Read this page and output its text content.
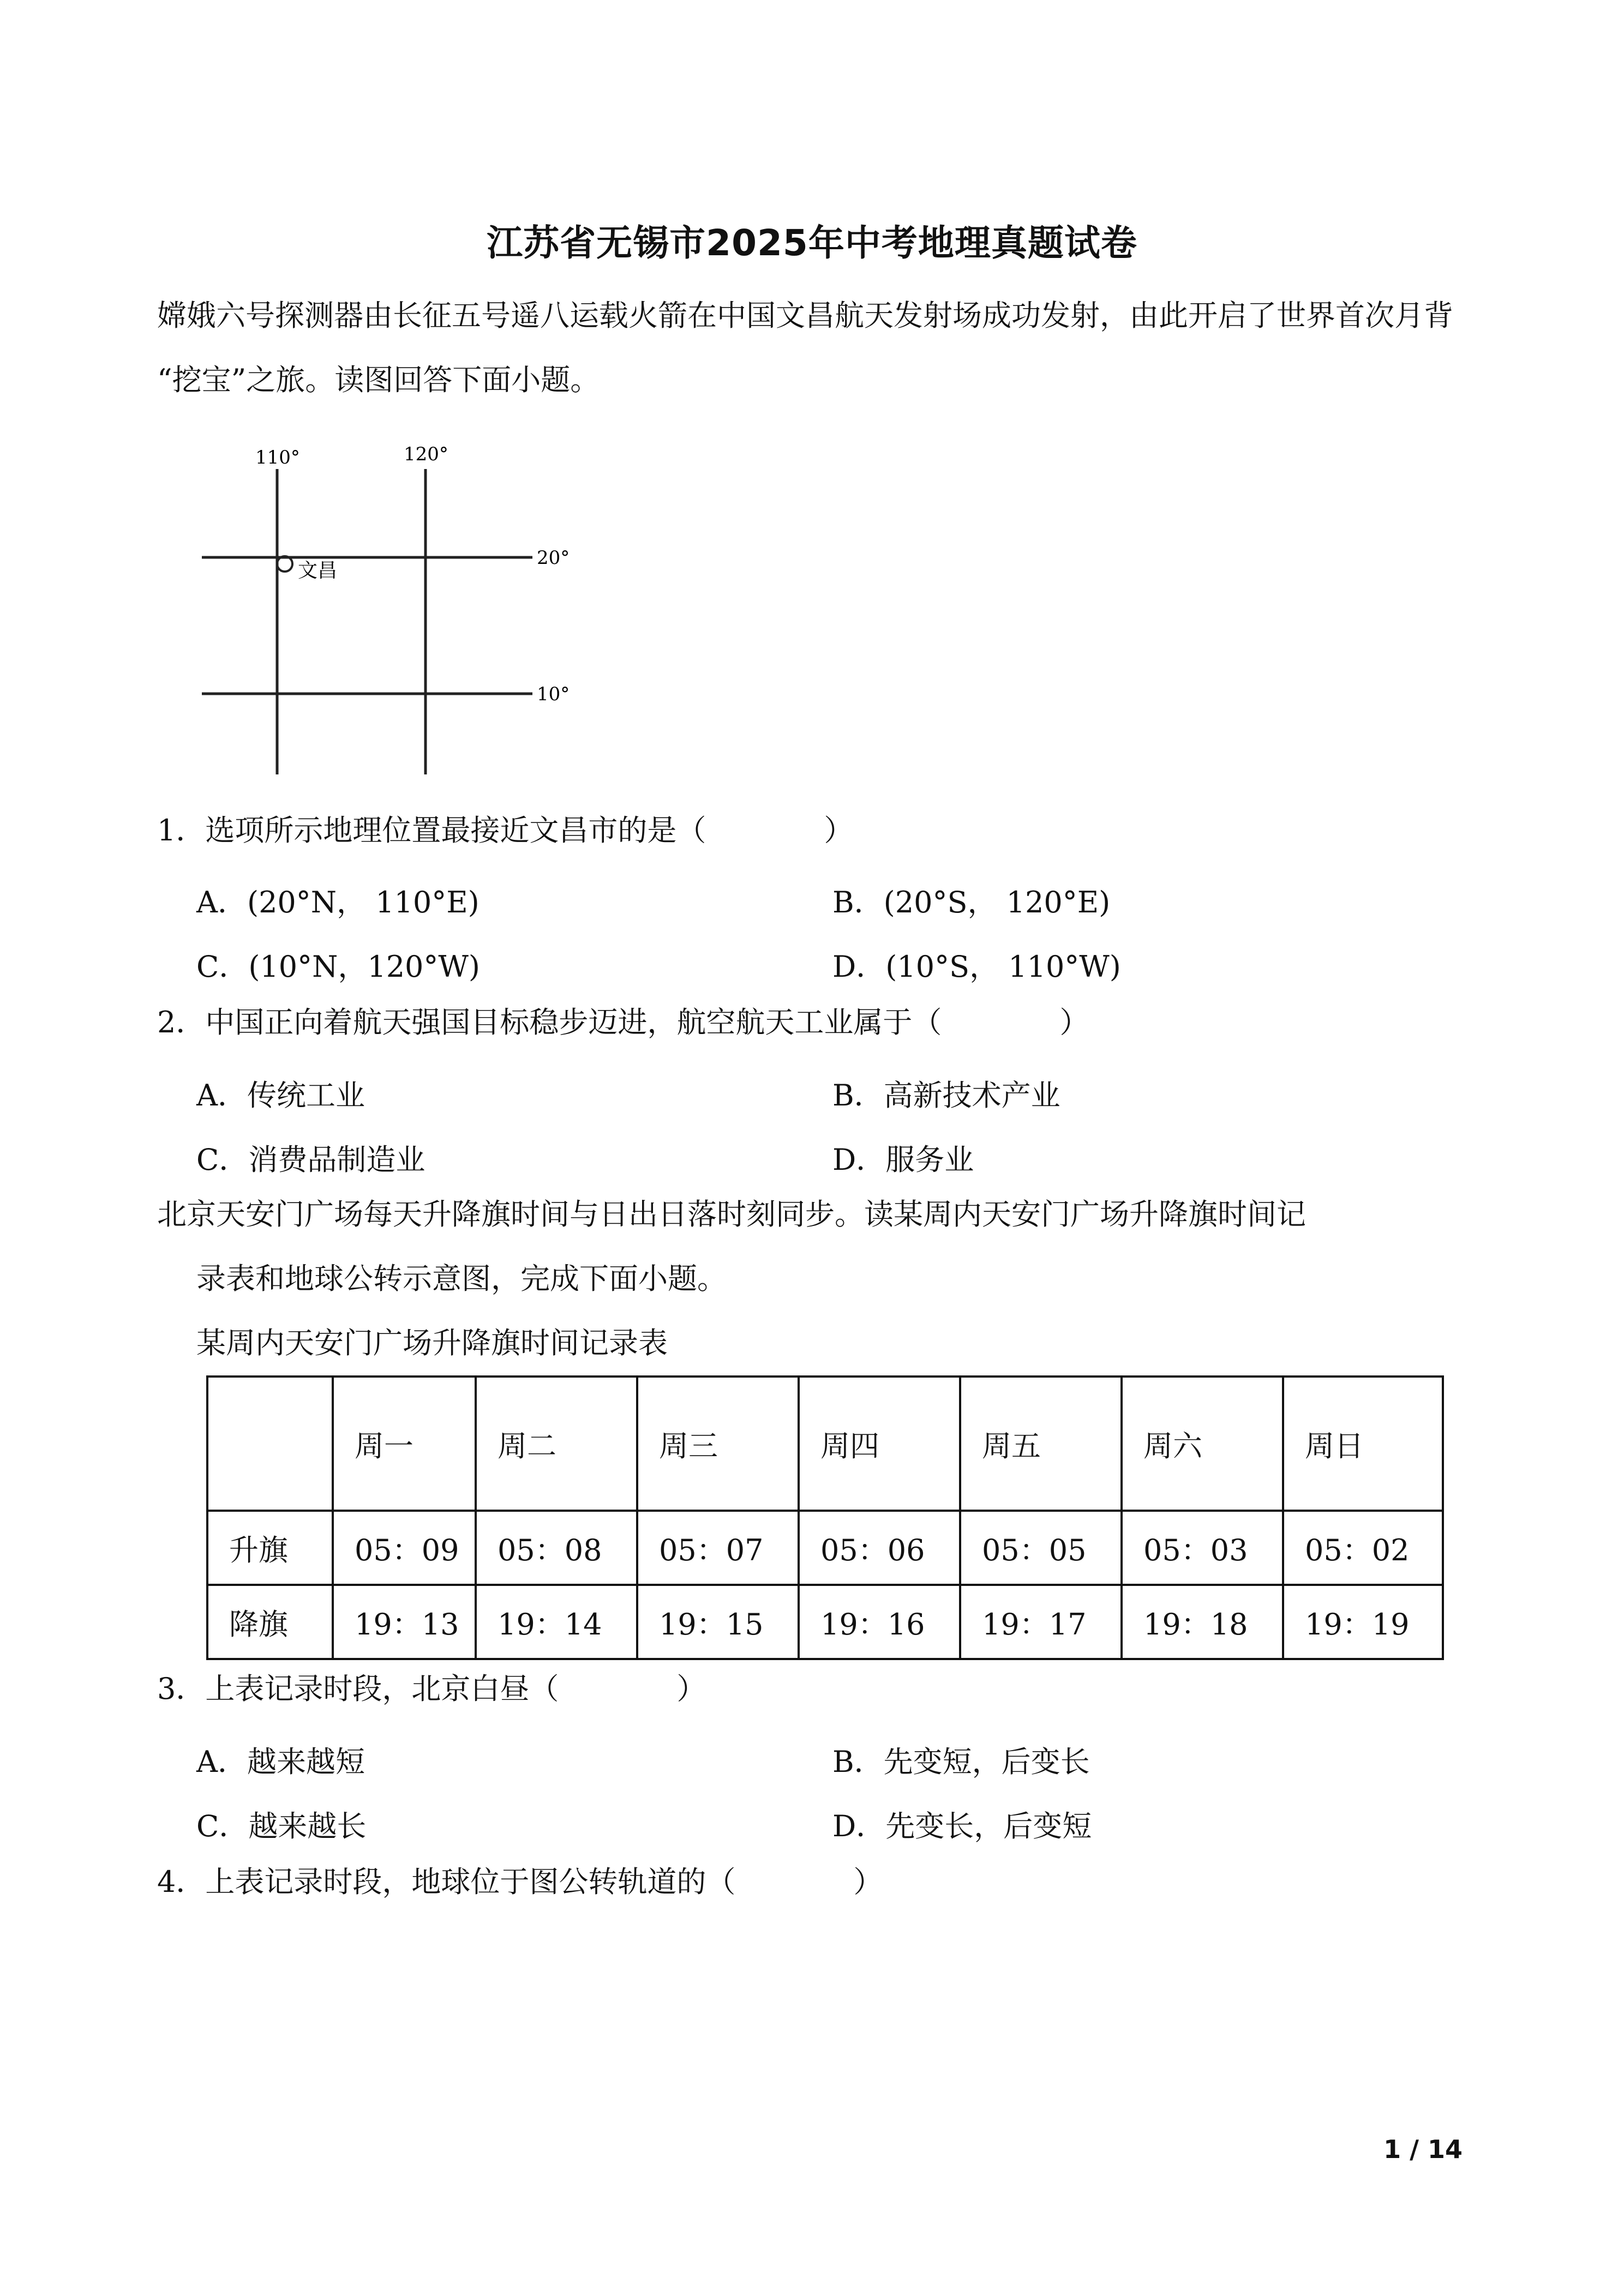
江苏省无锡市2025年中考地理真题试卷
嫦娥六号探测器由长征五号遥八运载火箭在中国文昌航天发射场成功发射，由此开启了世界首次月背
“挖宝”之旅。读图回答下面小题。
110°	120°
20°
10°
文昌
1．选项所示地理位置最接近文昌市的是（　　　　）
A．(20°N， 110°E)	B．(20°S， 120°E)
C．(10°N，120°W)	D．(10°S， 110°W)
2．中国正向着航天强国目标稳步迈进，航空航天工业属于（　　　　）
A．传统工业	B．高新技术产业
C．消费品制造业	D．服务业
北京天安门广场每天升降旗时间与日出日落时刻同步。读某周内天安门广场升降旗时间记
录表和地球公转示意图，完成下面小题。
某周内天安门广场升降旗时间记录表
	周一	周二	周三	周四	周五	周六	周日
升旗	05：09	05：08	05：07	05：06	05：05	05：03	05：02
降旗	19：13	19：14	19：15	19：16	19：17	19：18	19：19
3．上表记录时段，北京白昼（　　　　）
A．越来越短	B．先变短，后变长
C．越来越长	D．先变长，后变短
4．上表记录时段，地球位于图公转轨道的（　　　　）
1 / 14
